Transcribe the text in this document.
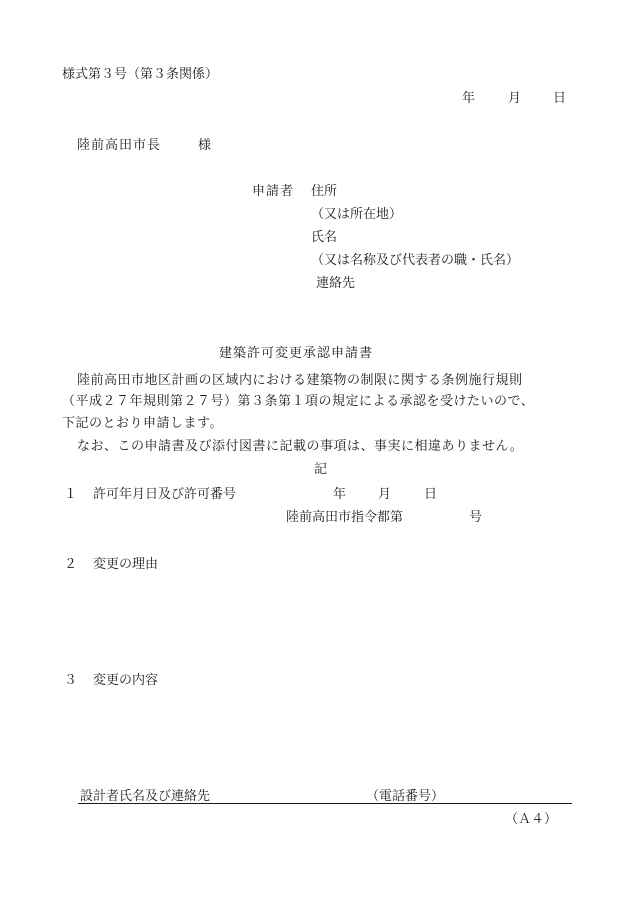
様式第３号（第３条関係）
年	月 日
陸前高田市長	様
申請者 住所
（又は所在地）
氏名
（又は名称及び代表者の職・氏名）
連絡先
建築許可変更承認申請書
陸前高田市地区計画の区域内における建築物の制限に関する条例施行規則
（平成２７年規則第２７号）第３条第１項の規定による承認を受けたいので、
下記のとおり申請します。
なお、この申請書及び添付図書に記載の事項は、事実に相違ありません。
記
１ 許可年月日及び許可番号	年 月	日
陸前高田市指令都第	号
２ 変更の理由
３ 変更の内容
設計者氏名及び連絡先	（電話番号）
（Ａ４）
